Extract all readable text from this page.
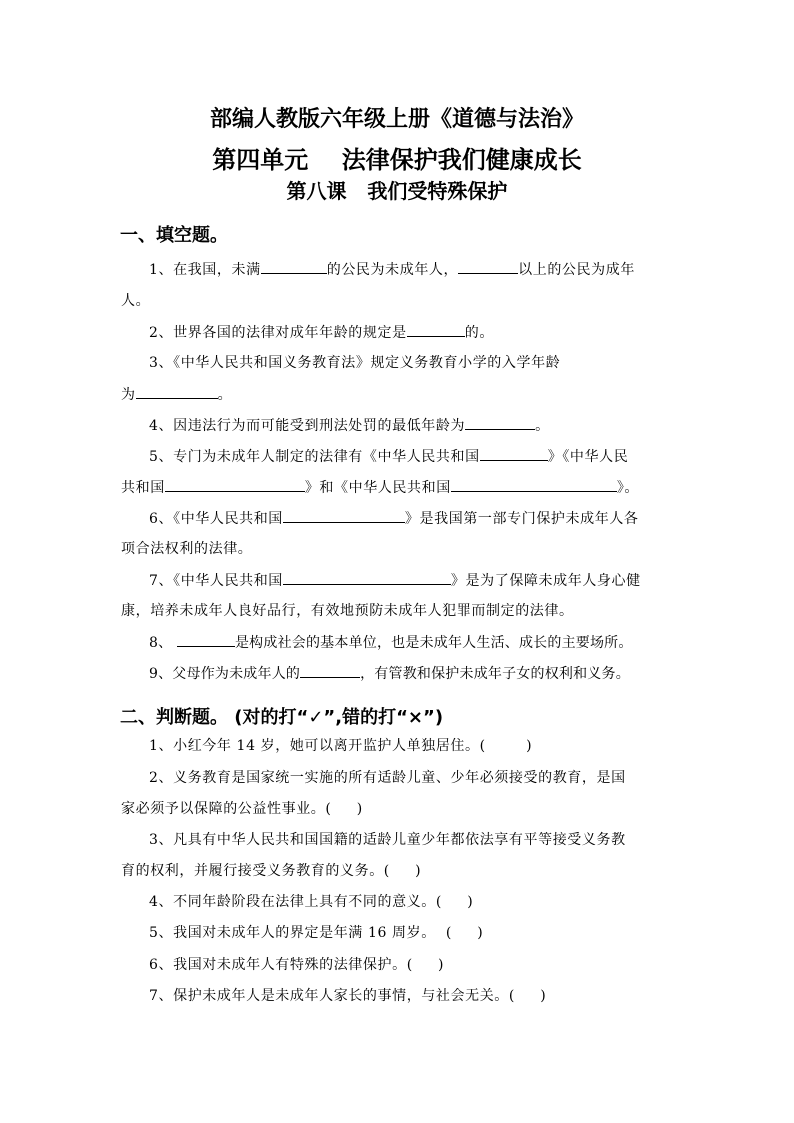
部编人教版六年级上册《道德与法治》
第四单元    法律保护我们健康成长
第八课   我们受特殊保护
一、填空题。
1、在我国，未满	的公民为未成年人，	以上的公民为成年
人。
2、世界各国的法律对成年年龄的规定是	的。
3、《中华人民共和国义务教育法》规定义务教育小学的入学年龄
为	。
4、因违法行为而可能受到刑法处罚的最低年龄为	。
5、专门为未成年人制定的法律有《中华人民共和国	》《中华人民
共和国	》和《中华人民共和国	》。
6、《中华人民共和国	》是我国第一部专门保护未成年人各
项合法权利的法律。
7、《中华人民共和国	》是为了保障未成年人身心健
康，培养未成年人良好品行，有效地预防未成年人犯罪而制定的法律。
8、	是构成社会的基本单位，也是未成年人生活、成长的主要场所。
9、父母作为未成年人的	，有管教和保护未成年子女的权利和义务。
二、判断题。 (对的打“✓”,错的打“×”)
1、小红今年 14 岁，她可以离开监护人单独居住。(        )
2、义务教育是国家统一实施的所有适龄儿童、少年必须接受的教育，是国
家必须予以保障的公益性事业。(     )
3、凡具有中华人民共和国国籍的适龄儿童少年都依法享有平等接受义务教
育的权利，并履行接受义务教育的义务。(     )
4、不同年龄阶段在法律上具有不同的意义。(     )
5、我国对未成年人的界定是年满 16 周岁。  (     )
6、我国对未成年人有特殊的法律保护。(     )
7、保护未成年人是未成年人家长的事情，与社会无关。(     )
